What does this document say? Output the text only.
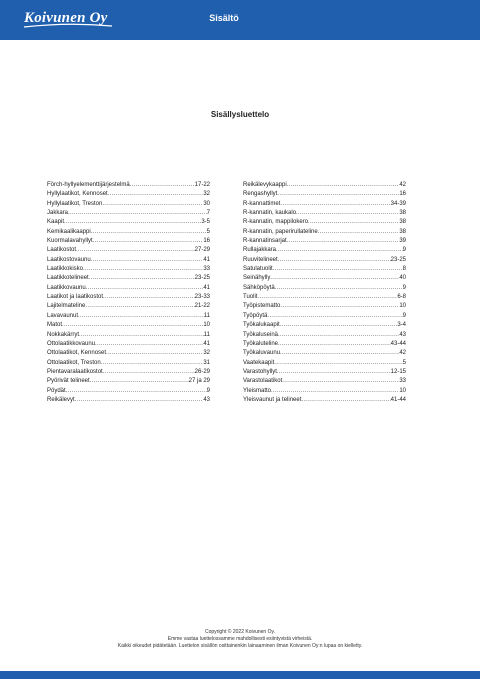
Koivunen Oy	Sisältö
Sisällysluettelo
Förch-hyllyelementtijärjestelmä .....	17-22
Hyllylaatikot, Kennoset .....	32
Hyllylaatikot, Treston .....	30
Jakkara .....	7
Kaapit .....	3-5
Kemikaalikaappi .....	5
Kuormalavahyllyt .....	16
Laatikostot .....	27-29
Laatikostovaunu .....	41
Laatikkokisko .....	33
Laatikkotelineet .....	23-25
Laatikkovaunu .....	41
Laatikot ja laatikostot .....	23-33
Lajitelmateline .....	21-22
Lavavaunut .....	11
Matot .....	10
Nokkakärryt .....	11
Ottolaatikkovaunu .....	41
Ottolaatikot, Kennoset .....	32
Ottolaatikot, Treston .....	31
Pientavaralaatikostot .....	26-29
Pyörivät telineet .....	27 ja 29
Pöydät .....	9
Reikälevyt .....	43
Reikälevykaappi .....	42
Rengashyllyt .....	16
R-kannattimet .....	34-39
R-kannatin, kaukalo .....	38
R-kannatin, mappilokero .....	38
R-kannatin, paperirullateline .....	38
R-kannatinsarjat .....	39
Rullajakkara .....	9
Ruuvitelineet .....	23-25
Satulatuolit .....	8
Seinähylly .....	40
Sähköpöytä .....	9
Tuolit .....	6-8
Työpistematto .....	10
Työpöytä .....	9
Työkalukaapit .....	3-4
Työkaluseinä .....	43
Työkaluteline .....	43-44
Työkaluvaunu .....	42
Vaatekaapit .....	5
Varastohyllyt .....	12-15
Varastolaatikot .....	33
Yleismatto .....	10
Yleisvaunut ja telineet .....	41-44
Copyright © 2022 Koivunen Oy.
Emme vastaa luettelossamme mahdollisesti esiintyvistä virheistä.
Kaikki oikeudet pidätetään. Luettelon sisällön osittainenkin lainaaminen ilman Koivunen Oy:n lupaa on kielletty.
